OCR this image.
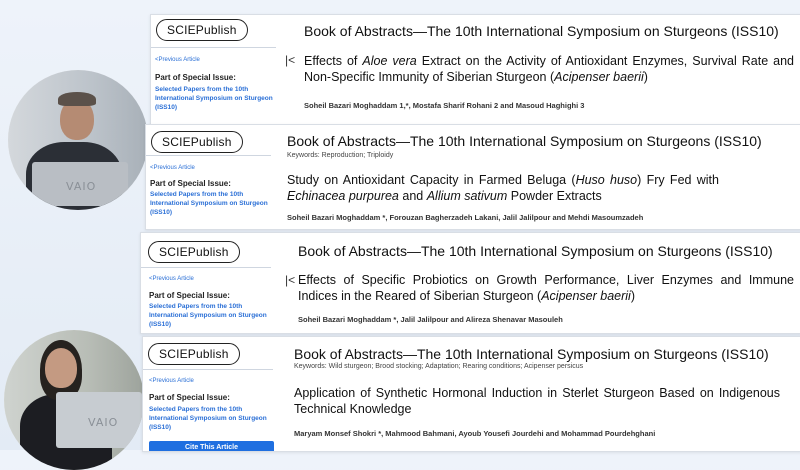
VAIO
VAIO
SCIEPublish	Book of Abstracts—The 10th International Symposium on Sturgeons (ISS10)
<Previous Article
Part of Special Issue:
Selected Papers from the 10th International Symposium on Sturgeon (ISS10)
|< Effects of Aloe vera Extract on the Activity of Antioxidant Enzymes, Survival Rate and Non-Specific Immunity of Siberian Sturgeon (Acipenser baerii)
Soheil Bazari Moghaddam 1,*, Mostafa Sharif Rohani 2 and Masoud Haghighi 3
SCIEPublish	Book of Abstracts—The 10th International Symposium on Sturgeons (ISS10)
Keywords: Reproduction; Triploidy
<Previous Article
Part of Special Issue:
Selected Papers from the 10th International Symposium on Sturgeon (ISS10)
Study on Antioxidant Capacity in Farmed Beluga (Huso huso) Fry Fed with Echinacea purpurea and Allium sativum Powder Extracts
Soheil Bazari Moghaddam *, Forouzan Bagherzadeh Lakani, Jalil Jalilpour and Mehdi Masoumzadeh
SCIEPublish	Book of Abstracts—The 10th International Symposium on Sturgeons (ISS10)
<Previous Article
Part of Special Issue:
Selected Papers from the 10th International Symposium on Sturgeon (ISS10)
|< Effects of Specific Probiotics on Growth Performance, Liver Enzymes and Immune Indices in the Reared of Siberian Sturgeon (Acipenser baerii)
Soheil Bazari Moghaddam *, Jalil Jalilpour and Alireza Shenavar Masouleh
SCIEPublish	Book of Abstracts—The 10th International Symposium on Sturgeons (ISS10)
Keywords: Wild sturgeon; Brood stocking; Adaptation; Rearing conditions; Acipenser persicus
<Previous Article
Part of Special Issue:
Selected Papers from the 10th International Symposium on Sturgeon (ISS10)
Cite This Article
Application of Synthetic Hormonal Induction in Sterlet Sturgeon Based on Indigenous Technical Knowledge
Maryam Monsef Shokri *, Mahmood Bahmani, Ayoub Yousefi Jourdehi and Mohammad Pourdehghani
